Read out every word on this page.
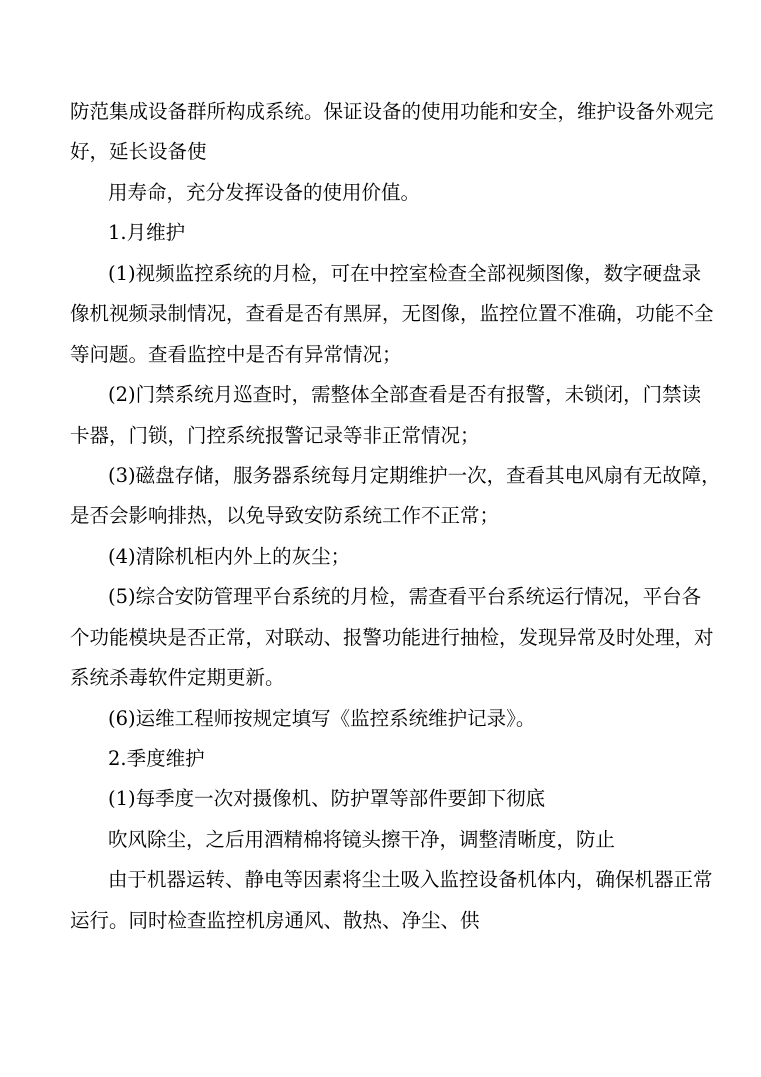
防范集成设备群所构成系统。保证设备的使用功能和安全，维护设备外观完
好，延长设备使
用寿命，充分发挥设备的使用价值。
1.月维护
(1)视频监控系统的月检，可在中控室检查全部视频图像，数字硬盘录
像机视频录制情况，查看是否有黑屏，无图像，监控位置不准确，功能不全
等问题。查看监控中是否有异常情况；
(2)门禁系统月巡查时，需整体全部查看是否有报警，未锁闭，门禁读
卡器，门锁，门控系统报警记录等非正常情况；
(3)磁盘存储，服务器系统每月定期维护一次，查看其电风扇有无故障，
是否会影响排热，以免导致安防系统工作不正常；
(4)清除机柜内外上的灰尘；
(5)综合安防管理平台系统的月检，需查看平台系统运行情况，平台各
个功能模块是否正常，对联动、报警功能进行抽检，发现异常及时处理，对
系统杀毒软件定期更新。
(6)运维工程师按规定填写《监控系统维护记录》。
2.季度维护
(1)每季度一次对摄像机、防护罩等部件要卸下彻底
吹风除尘，之后用酒精棉将镜头擦干净，调整清晰度，防止
由于机器运转、静电等因素将尘土吸入监控设备机体内，确保机器正常
运行。同时检查监控机房通风、散热、净尘、供
